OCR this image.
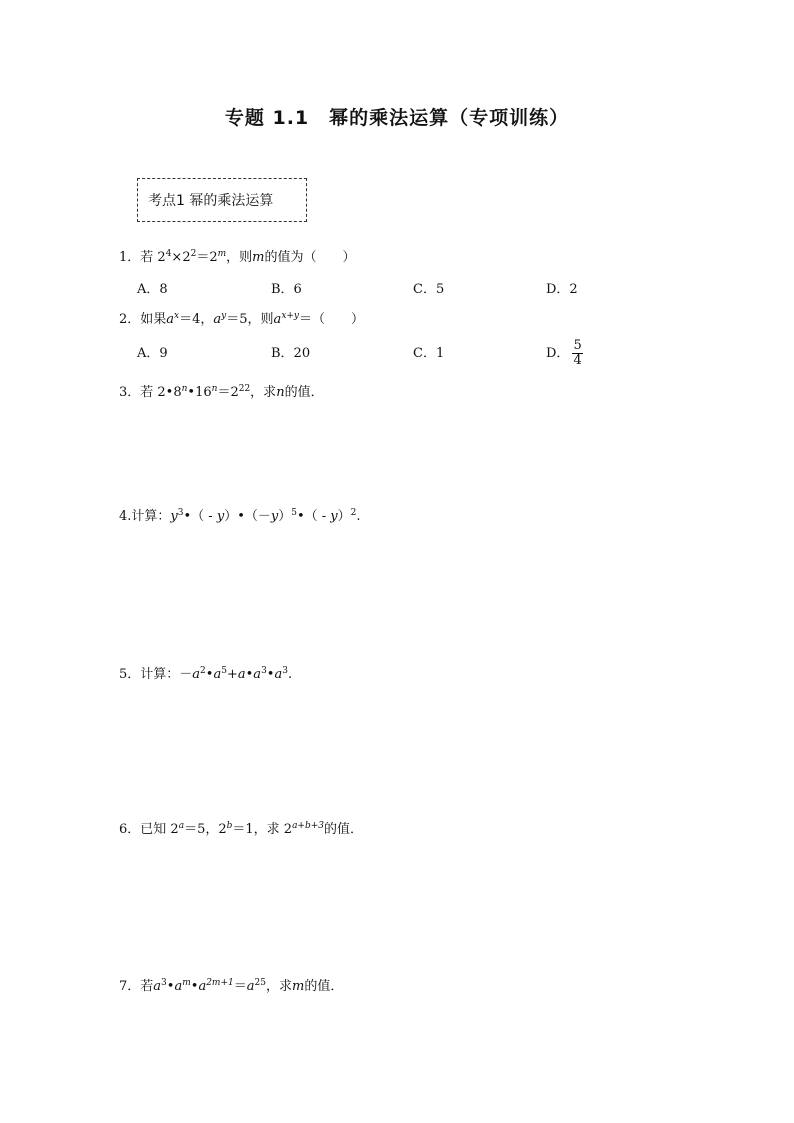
专题 1.1　幂的乘法运算（专项训练）
考点1 幂的乘法运算
1．若 $2^4\times 2^2=2^m$，则m的值为（　　）
A．8	B．6	C．5	D．2
2．如果$a^x=4$，$a^y=5$，则$a^{x+y}=$（　　）
A．9	B．20	C．1	D． $\frac{5}{4}$
3．若 $2•8^n•16^n=2^{22}$，求n的值．
4.计算：$y^3•$（ - $y)•(-y)^5•( - y)^2$.
5．计算：$-a^2•a^5+a•a^3•a^3$.
6．已知 $2^a=5$，$2^b=1$，求 $2^{a+b+3}$的值．
7．若$a^3•a^m•a^{2m+1}=a^{25}$，求m的值．
